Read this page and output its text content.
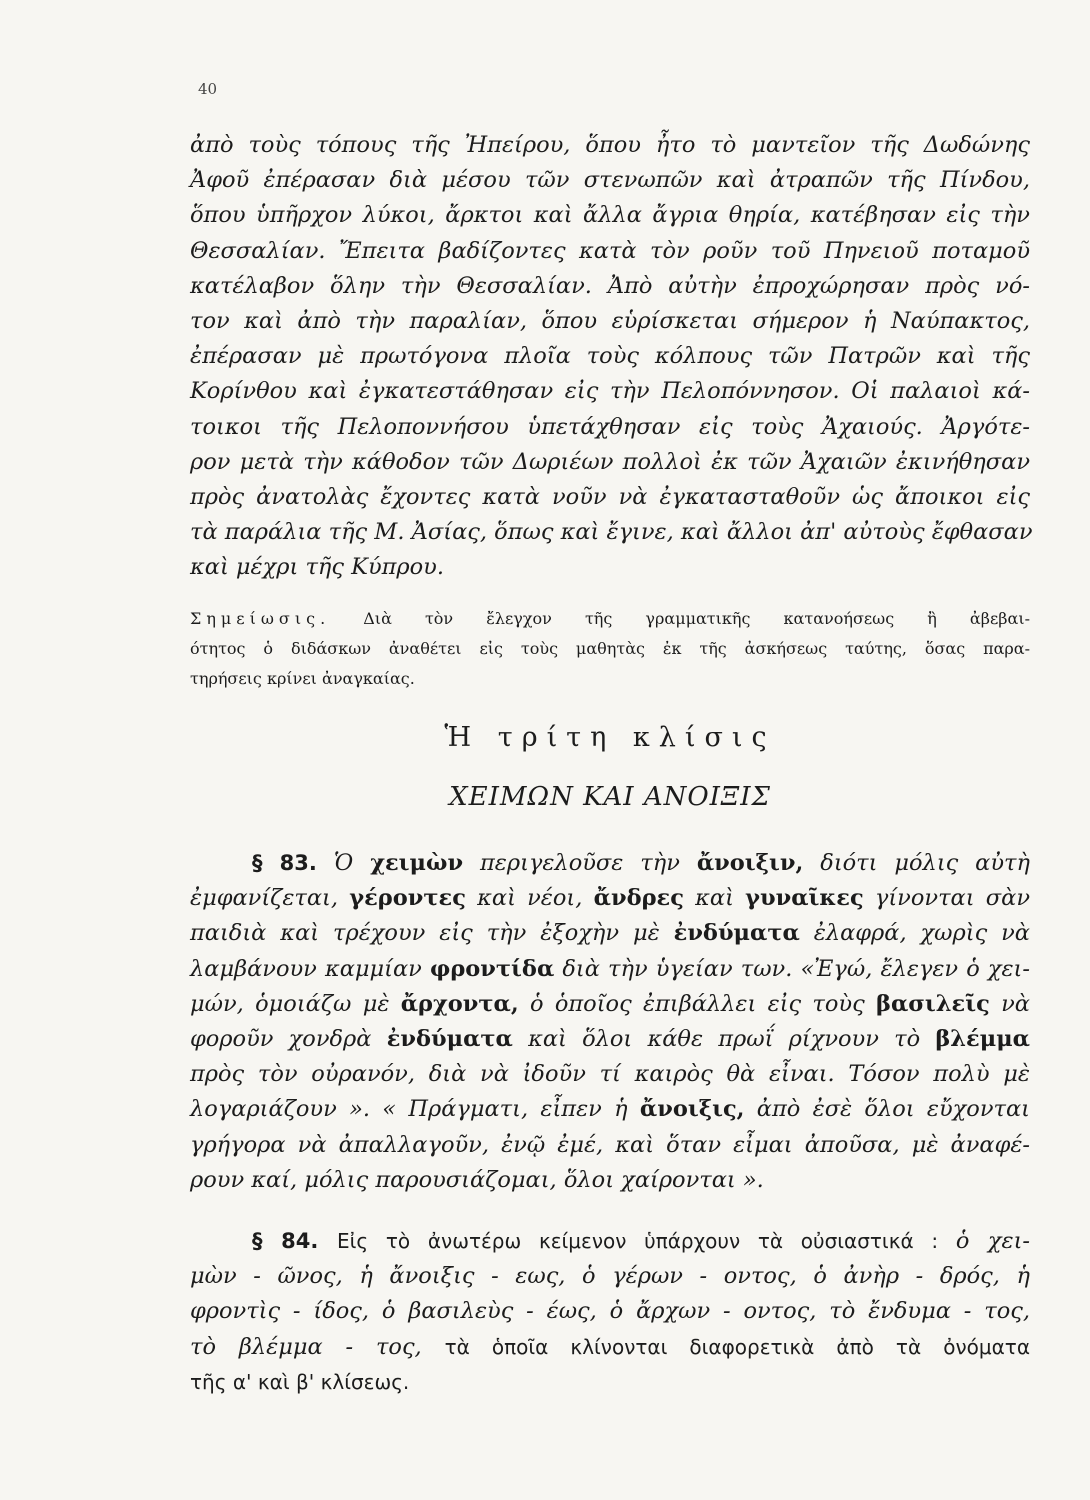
40
ἀπὸ τοὺς τόπους τῆς Ἠπείρου, ὅπου ἦτο τὸ μαντεῖον τῆς Δωδώνης
Ἀφοῦ ἐπέρασαν διὰ μέσου τῶν στενωπῶν καὶ ἀτραπῶν τῆς Πίνδου,
ὅπου ὑπῆρχον λύκοι, ἄρκτοι καὶ ἄλλα ἄγρια θηρία, κατέβησαν εἰς τὴν
Θεσσαλίαν. Ἔπειτα βαδίζοντες κατὰ τὸν ροῦν τοῦ Πηνειοῦ ποταμοῦ
κατέλαβον ὅλην τὴν Θεσσαλίαν. Ἀπὸ αὐτὴν ἐπροχώρησαν πρὸς νό-
τον καὶ ἀπὸ τὴν παραλίαν, ὅπου εὑρίσκεται σήμερον ἡ Ναύπακτος,
ἐπέρασαν μὲ πρωτόγονα πλοῖα τοὺς κόλπους τῶν Πατρῶν καὶ τῆς
Κορίνθου καὶ ἐγκατεστάθησαν εἰς τὴν Πελοπόννησον. Οἱ παλαιοὶ κά-
τοικοι τῆς Πελοποννήσου ὑπετάχθησαν εἰς τοὺς Ἀχαιούς. Ἀργότε-
ρον μετὰ τὴν κάθοδον τῶν Δωριέων πολλοὶ ἐκ τῶν Ἀχαιῶν ἐκινήθησαν
πρὸς ἀνατολὰς ἔχοντες κατὰ νοῦν νὰ ἐγκατασταθοῦν ὡς ἄποικοι εἰς
τὰ παράλια τῆς Μ. Ἀσίας, ὅπως καὶ ἔγινε, καὶ ἄλλοι ἀπ' αὐτοὺς ἔφθασαν
καὶ μέχρι τῆς Κύπρου.
Σημείωσις. Διὰ τὸν ἔλεγχον τῆς γραμματικῆς κατανοήσεως ἢ ἀβεβαι-
ότητος ὁ διδάσκων ἀναθέτει εἰς τοὺς μαθητὰς ἐκ τῆς ἀσκήσεως ταύτης, ὅσας παρα-
τηρήσεις κρίνει ἀναγκαίας.
Ἡ τρίτη κλίσις
ΧΕΙΜΩΝ ΚΑΙ ΑΝΟΙΞΙΣ
§ 83. Ὁ χειμὼν περιγελοῦσε τὴν ἄνοιξιν, διότι μόλις αὐτὴ
ἐμφανίζεται, γέροντες καὶ νέοι, ἄνδρες καὶ γυναῖκες γίνονται σὰν
παιδιὰ καὶ τρέχουν εἰς τὴν ἐξοχὴν μὲ ἐνδύματα ἐλαφρά, χωρὶς νὰ
λαμβάνουν καμμίαν φροντίδα διὰ τὴν ὑγείαν των. «Ἐγώ, ἔλεγεν ὁ χει-
μών, ὁμοιάζω μὲ ἄρχοντα, ὁ ὁποῖος ἐπιβάλλει εἰς τοὺς βασιλεῖς νὰ
φοροῦν χονδρὰ ἐνδύματα καὶ ὅλοι κάθε πρωΐ ρίχνουν τὸ βλέμμα
πρὸς τὸν οὐρανόν, διὰ νὰ ἰδοῦν τί καιρὸς θὰ εἶναι. Τόσον πολὺ μὲ
λογαριάζουν ». « Πράγματι, εἶπεν ἡ ἄνοιξις, ἀπὸ ἐσὲ ὅλοι εὔχονται
γρήγορα νὰ ἀπαλλαγοῦν, ἐνῷ ἐμέ, καὶ ὅταν εἶμαι ἀποῦσα, μὲ ἀναφέ-
ρουν καί, μόλις παρουσιάζομαι, ὅλοι χαίρονται ».
§ 84. Εἰς τὸ ἀνωτέρω κείμενον ὑπάρχουν τὰ οὐσιαστικά : ὁ χει-
μὼν - ῶνος, ἡ ἄνοιξις - εως, ὁ γέρων - οντος, ὁ ἀνὴρ - δρός, ἡ
φροντὶς - ίδος, ὁ βασιλεὺς - έως, ὁ ἄρχων - οντος, τὸ ἔνδυμα - τος,
τὸ βλέμμα - τος, τὰ ὁποῖα κλίνονται διαφορετικὰ ἀπὸ τὰ ὀνόματα
τῆς α' καὶ β' κλίσεως.
